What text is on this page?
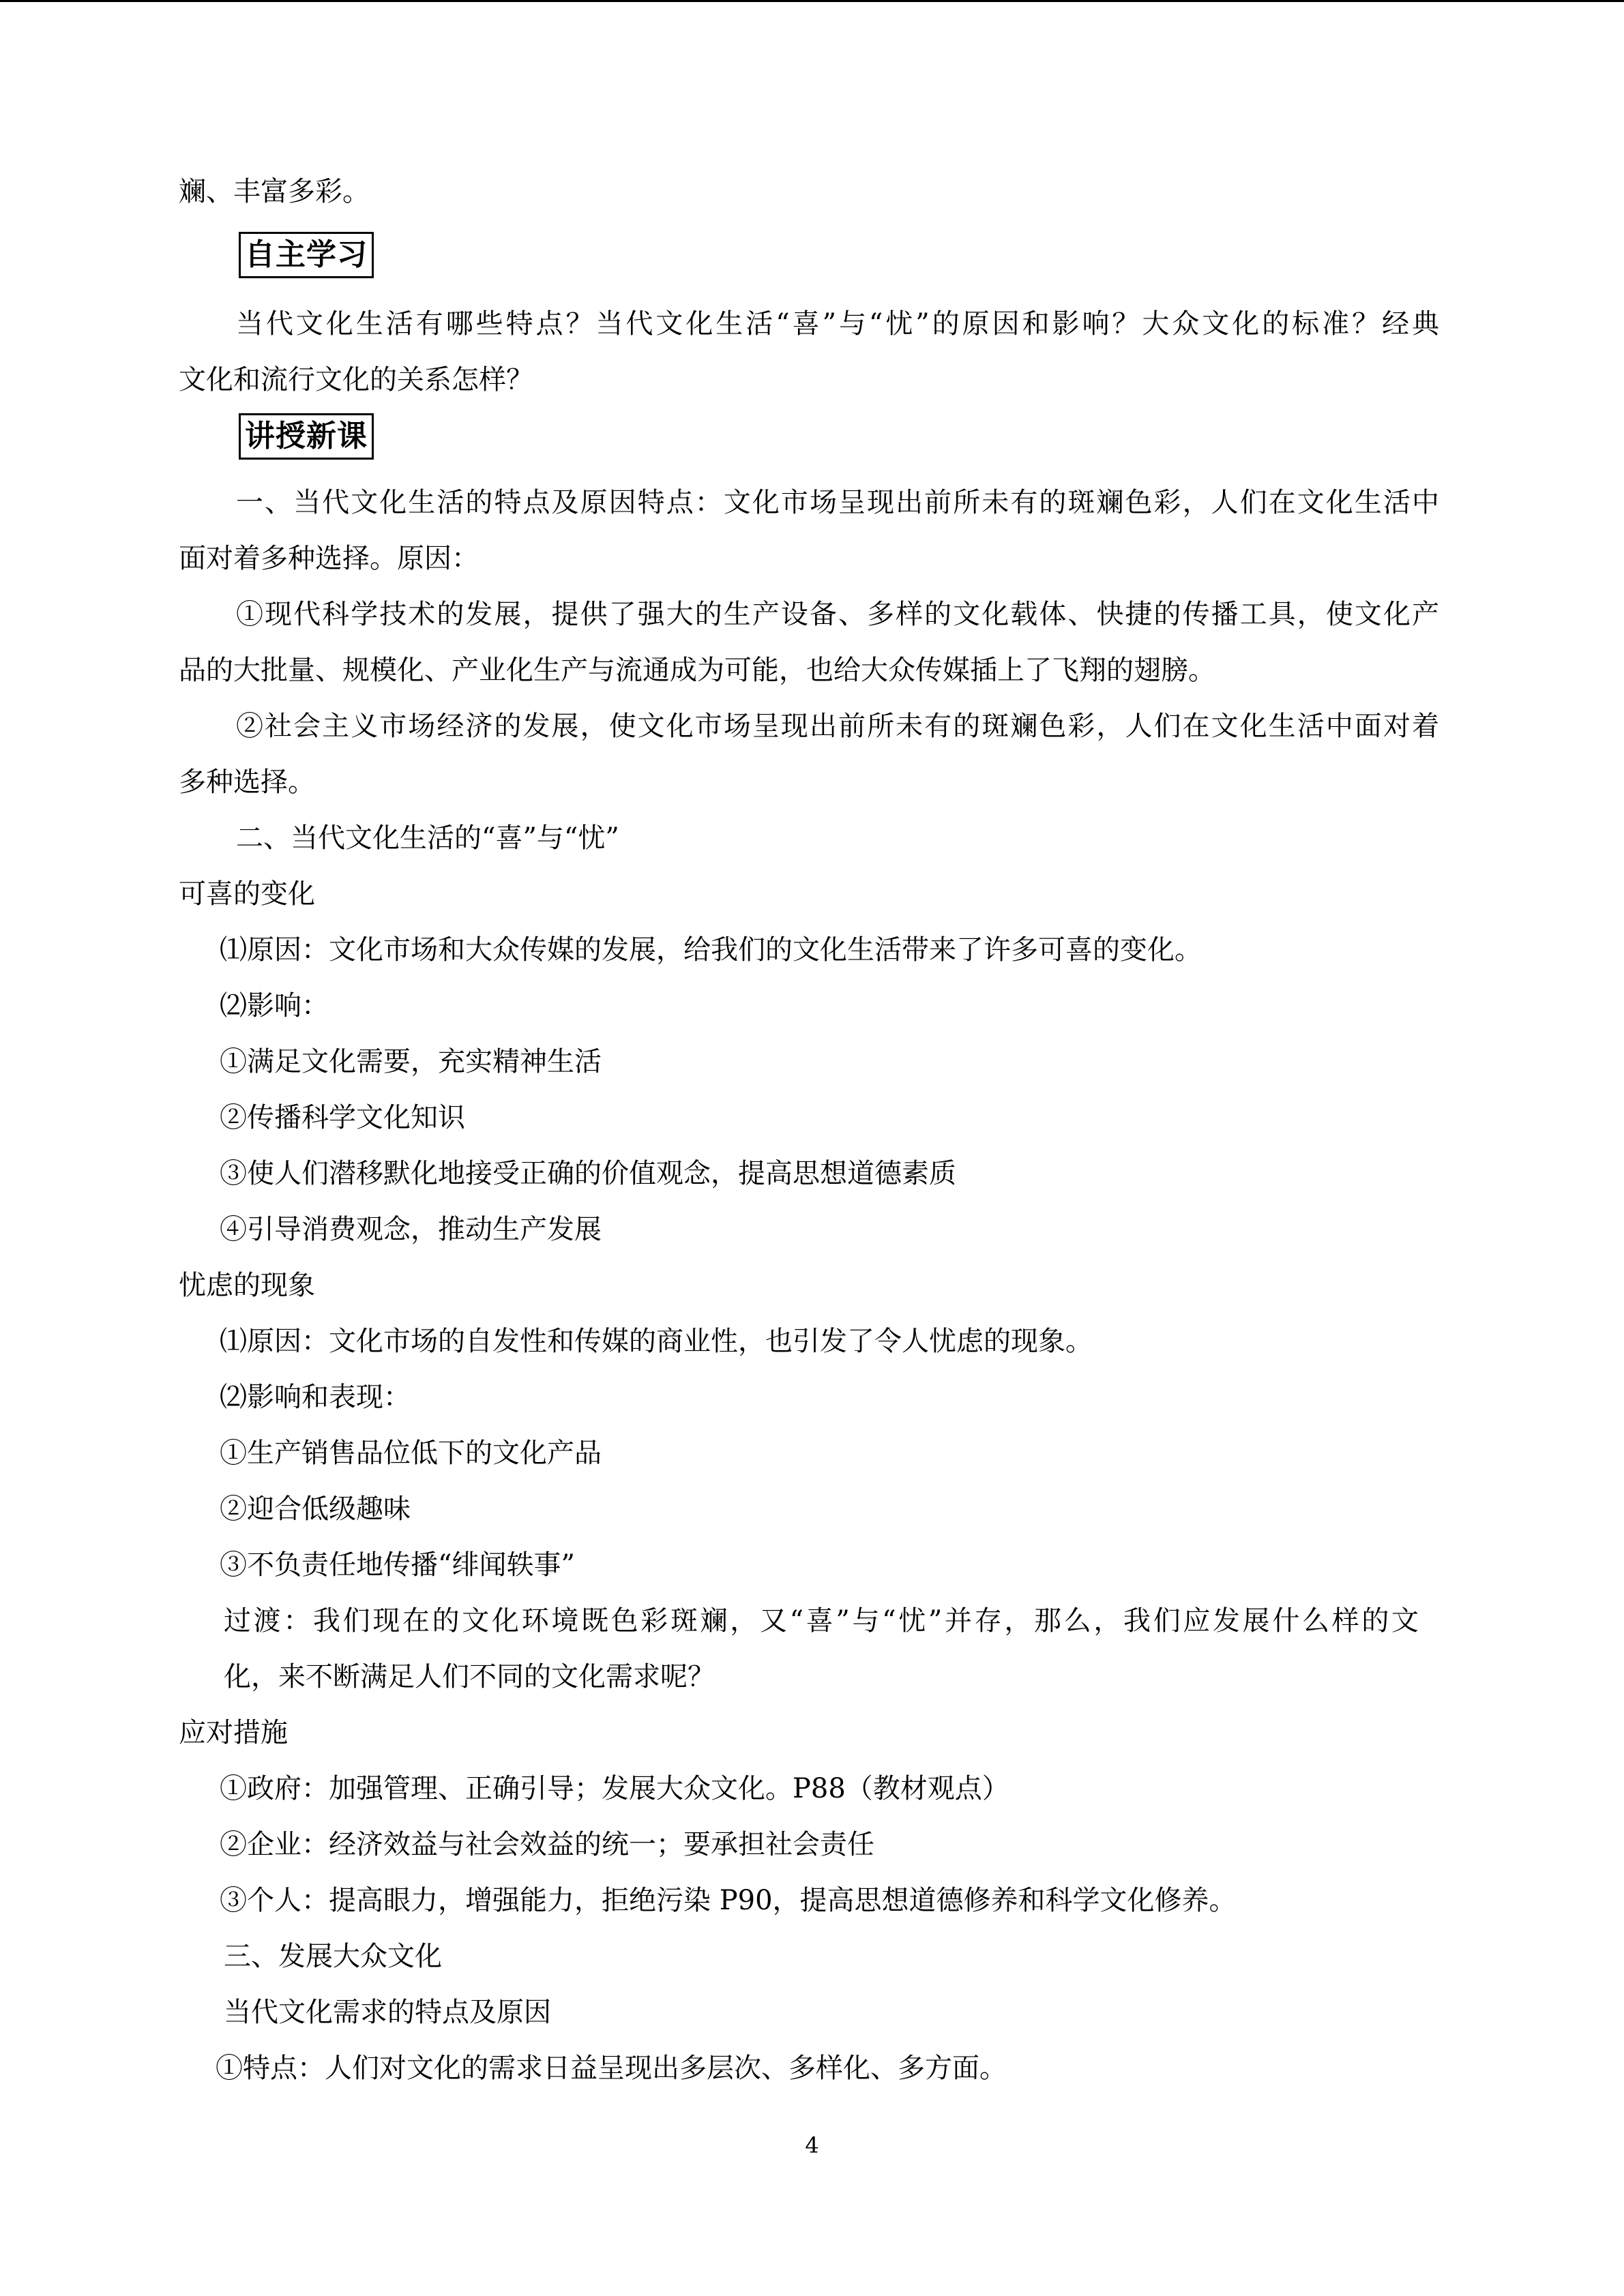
斓、丰富多彩。
自主学习
当代文化生活有哪些特点？当代文化生活“喜”与“忧”的原因和影响？大众文化的标准？经典
文化和流行文化的关系怎样？
讲授新课
一、当代文化生活的特点及原因特点：文化市场呈现出前所未有的斑斓色彩，人们在文化生活中
面对着多种选择。原因：
①现代科学技术的发展，提供了强大的生产设备、多样的文化载体、快捷的传播工具，使文化产
品的大批量、规模化、产业化生产与流通成为可能，也给大众传媒插上了飞翔的翅膀。
②社会主义市场经济的发展，使文化市场呈现出前所未有的斑斓色彩，人们在文化生活中面对着
多种选择。
二、当代文化生活的“喜”与“忧”
可喜的变化
⑴原因：文化市场和大众传媒的发展，给我们的文化生活带来了许多可喜的变化。
⑵影响：
①满足文化需要，充实精神生活
②传播科学文化知识
③使人们潜移默化地接受正确的价值观念，提高思想道德素质
④引导消费观念，推动生产发展
忧虑的现象
⑴原因：文化市场的自发性和传媒的商业性，也引发了令人忧虑的现象。
⑵影响和表现：
①生产销售品位低下的文化产品
②迎合低级趣味
③不负责任地传播“绯闻轶事”
过渡：我们现在的文化环境既色彩斑斓，又“喜”与“忧”并存，那么，我们应发展什么样的文
化，来不断满足人们不同的文化需求呢？
应对措施
①政府：加强管理、正确引导；发展大众文化。P88（教材观点）
②企业：经济效益与社会效益的统一；要承担社会责任
③个人：提高眼力，增强能力，拒绝污染 P90，提高思想道德修养和科学文化修养。
三、发展大众文化
当代文化需求的特点及原因
①特点：人们对文化的需求日益呈现出多层次、多样化、多方面。
4
